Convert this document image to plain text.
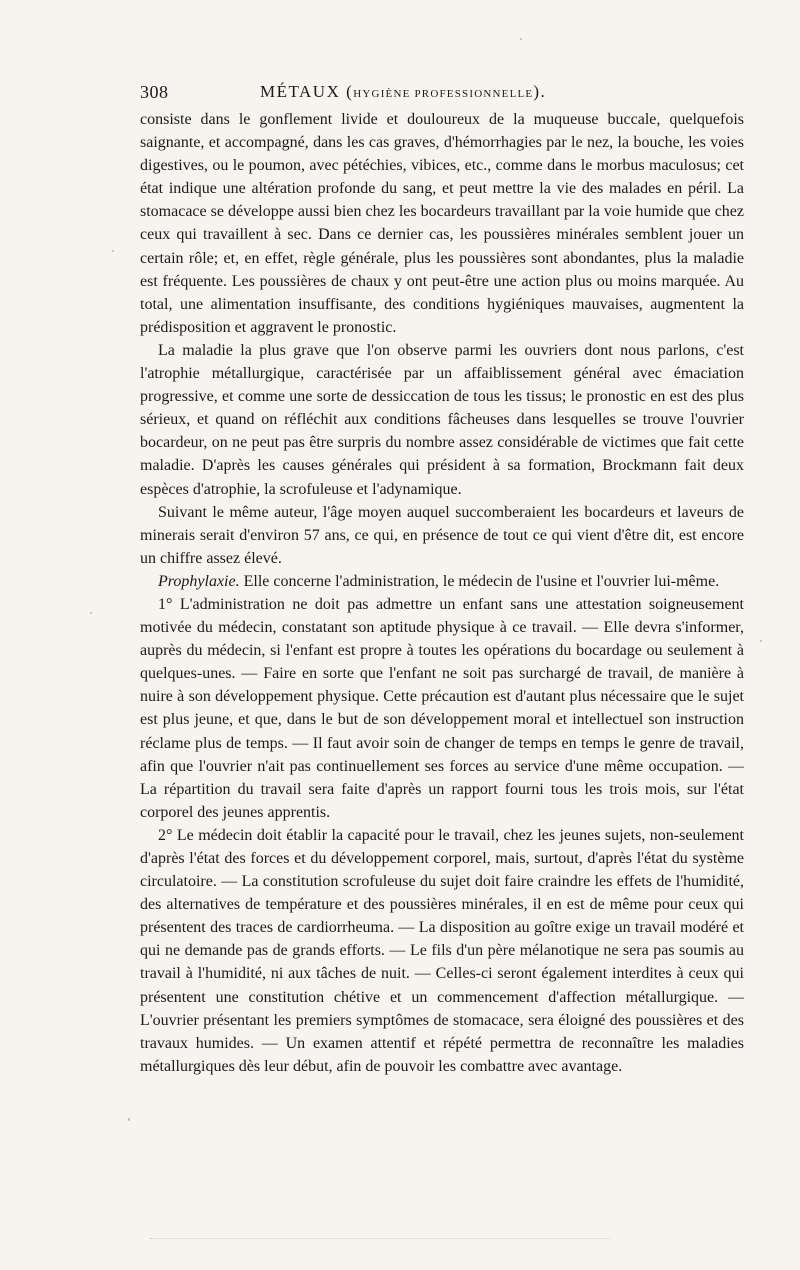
308	MÉTAUX (HYGIÈNE PROFESSIONNELLE).

consiste dans le gonflement livide et douloureux de la muqueuse buccale, quelquefois saignante, et accompagné, dans les cas graves, d'hémorrhagies par le nez, la bouche, les voies digestives, ou le poumon, avec pétéchies, vibices, etc., comme dans le morbus maculosus; cet état indique une altération profonde du sang, et peut mettre la vie des malades en péril. La stomacace se développe aussi bien chez les bocardeurs travaillant par la voie humide que chez ceux qui travaillent à sec. Dans ce dernier cas, les poussières minérales semblent jouer un certain rôle; et, en effet, règle générale, plus les poussières sont abondantes, plus la maladie est fréquente. Les poussières de chaux y ont peut-être une action plus ou moins marquée. Au total, une alimentation insuffisante, des conditions hygiéniques mauvaises, augmentent la prédisposition et aggravent le pronostic.

La maladie la plus grave que l'on observe parmi les ouvriers dont nous parlons, c'est l'atrophie métallurgique, caractérisée par un affaiblissement général avec émaciation progressive, et comme une sorte de dessiccation de tous les tissus; le pronostic en est des plus sérieux, et quand on réfléchit aux conditions fâcheuses dans lesquelles se trouve l'ouvrier bocardeur, on ne peut pas être surpris du nombre assez considérable de victimes que fait cette maladie. D'après les causes générales qui président à sa formation, Brockmann fait deux espèces d'atrophie, la scrofuleuse et l'adynamique.

Suivant le même auteur, l'âge moyen auquel succomberaient les bocardeurs et laveurs de minerais serait d'environ 57 ans, ce qui, en présence de tout ce qui vient d'être dit, est encore un chiffre assez élevé.

Prophylaxie. Elle concerne l'administration, le médecin de l'usine et l'ouvrier lui-même.

1° L'administration ne doit pas admettre un enfant sans une attestation soigneusement motivée du médecin, constatant son aptitude physique à ce travail. — Elle devra s'informer, auprès du médecin, si l'enfant est propre à toutes les opérations du bocardage ou seulement à quelques-unes. — Faire en sorte que l'enfant ne soit pas surchargé de travail, de manière à nuire à son développement physique. Cette précaution est d'autant plus nécessaire que le sujet est plus jeune, et que, dans le but de son développement moral et intellectuel son instruction réclame plus de temps. — Il faut avoir soin de changer de temps en temps le genre de travail, afin que l'ouvrier n'ait pas continuellement ses forces au service d'une même occupation. — La répartition du travail sera faite d'après un rapport fourni tous les trois mois, sur l'état corporel des jeunes apprentis.

2° Le médecin doit établir la capacité pour le travail, chez les jeunes sujets, non-seulement d'après l'état des forces et du développement corporel, mais, surtout, d'après l'état du système circulatoire. — La constitution scrofuleuse du sujet doit faire craindre les effets de l'humidité, des alternatives de température et des poussières minérales, il en est de même pour ceux qui présentent des traces de cardiorrheuma. — La disposition au goître exige un travail modéré et qui ne demande pas de grands efforts. — Le fils d'un père mélanotique ne sera pas soumis au travail à l'humidité, ni aux tâches de nuit. — Celles-ci seront également interdites à ceux qui présentent une constitution chétive et un commencement d'affection métallurgique. — L'ouvrier présentant les premiers symptômes de stomacace, sera éloigné des poussières et des travaux humides. — Un examen attentif et répété permettra de reconnaître les maladies métallurgiques dès leur début, afin de pouvoir les combattre avec avantage.
